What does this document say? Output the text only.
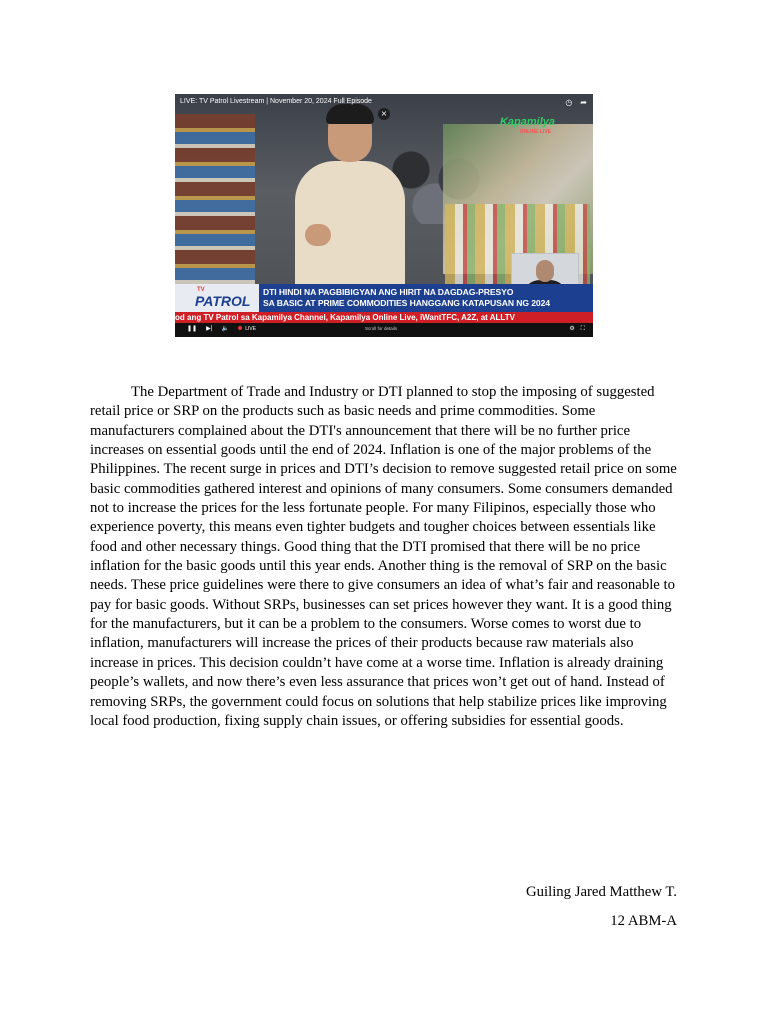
LIVE: TV Patrol Livestream | November 20, 2024 Full Episode	◷ ➦
×
Kapamilya
ONLINE LIVE
TV
PATROL
DTI HINDI NA PAGBIBIGYAN ANG HIRIT NA DAGDAG-PRESYO
SA BASIC AT PRIME COMMODITIES HANGGANG KATAPUSAN NG 2024
od ang TV Patrol sa Kapamilya Channel, Kapamilya Online Live, iWantTFC, A2Z, at ALLTV
❚❚ ▶| 🔈	LIVE	Scroll for details	⚙ ⛶

The Department of Trade and Industry or DTI planned to stop the imposing of suggested retail price or SRP on the products such as basic needs and prime commodities. Some manufacturers complained about the DTI's announcement that there will be no further price increases on essential goods until the end of 2024. Inflation is one of the major problems of the Philippines. The recent surge in prices and DTI’s decision to remove suggested retail price on some basic commodities gathered interest and opinions of many consumers. Some consumers demanded not to increase the prices for the less fortunate people. For many Filipinos, especially those who experience poverty, this means even tighter budgets and tougher choices between essentials like food and other necessary things. Good thing that the DTI promised that there will be no price inflation for the basic goods until this year ends. Another thing is the removal of SRP on the basic needs. These price guidelines were there to give consumers an idea of what’s fair and reasonable to pay for basic goods. Without SRPs, businesses can set prices however they want. It is a good thing for the manufacturers, but it can be a problem to the consumers. Worse comes to worst due to inflation, manufacturers will increase the prices of their products because raw materials also increase in prices. This decision couldn’t have come at a worse time. Inflation is already draining people’s wallets, and now there’s even less assurance that prices won’t get out of hand. Instead of removing SRPs, the government could focus on solutions that help stabilize prices like improving local food production, fixing supply chain issues, or offering subsidies for essential goods.

Guiling Jared Matthew T.
12 ABM-A
